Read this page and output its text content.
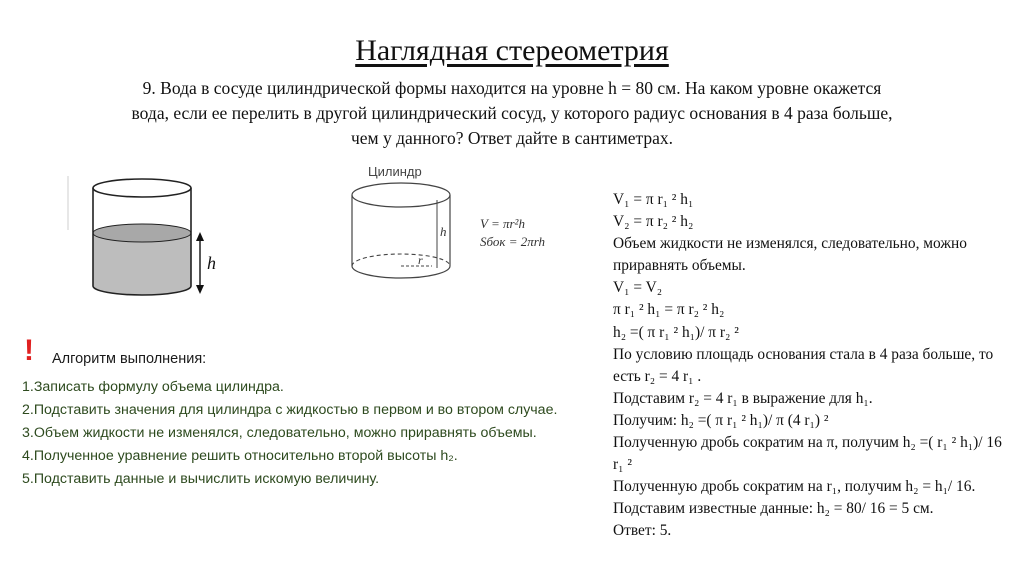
Наглядная стереометрия
9. Вода в сосуде цилиндрической формы находится на уровне h = 80 см. На каком уровне окажется
вода, если ее перелить в другой цилиндрический сосуд, у которого радиус основания в 4 раза больше,
чем у данного? Ответ дайте в сантиметрах.
h
Цилиндр
h
r
V = πr²h
Sбок = 2πrh
! Алгоритм выполнения:
1.Записать формулу объема цилиндра.
2.Подставить значения для цилиндра с жидкостью в первом и во втором случае.
3.Объем жидкости не изменялся, следовательно, можно приравнять объемы.
4.Полученное уравнение решить относительно второй высоты h₂.
5.Подставить данные и вычислить искомую величину.
V₁ = π r₁ ² h₁
V₂ = π r₂ ² h₂
Объем жидкости не изменялся, следовательно, можно приравнять объемы.
V₁ = V₂
π r₁ ² h₁ = π r₂ ² h₂
h₂ =( π r₁ ² h₁)/ π r₂ ²
По условию площадь основания стала в 4 раза больше, то есть r₂ = 4 r₁ .
Подставим r₂ = 4 r₁ в выражение для h₁.
Получим: h₂ =( π r₁ ² h₁)/ π (4 r₁) ²
Полученную дробь сократим на π, получим h₂ =( r₁ ² h₁)/ 16 r₁ ²
Полученную дробь сократим на r₁, получим h₂ = h₁/ 16.
Подставим известные данные: h₂ = 80/ 16 = 5 см.
Ответ: 5.
